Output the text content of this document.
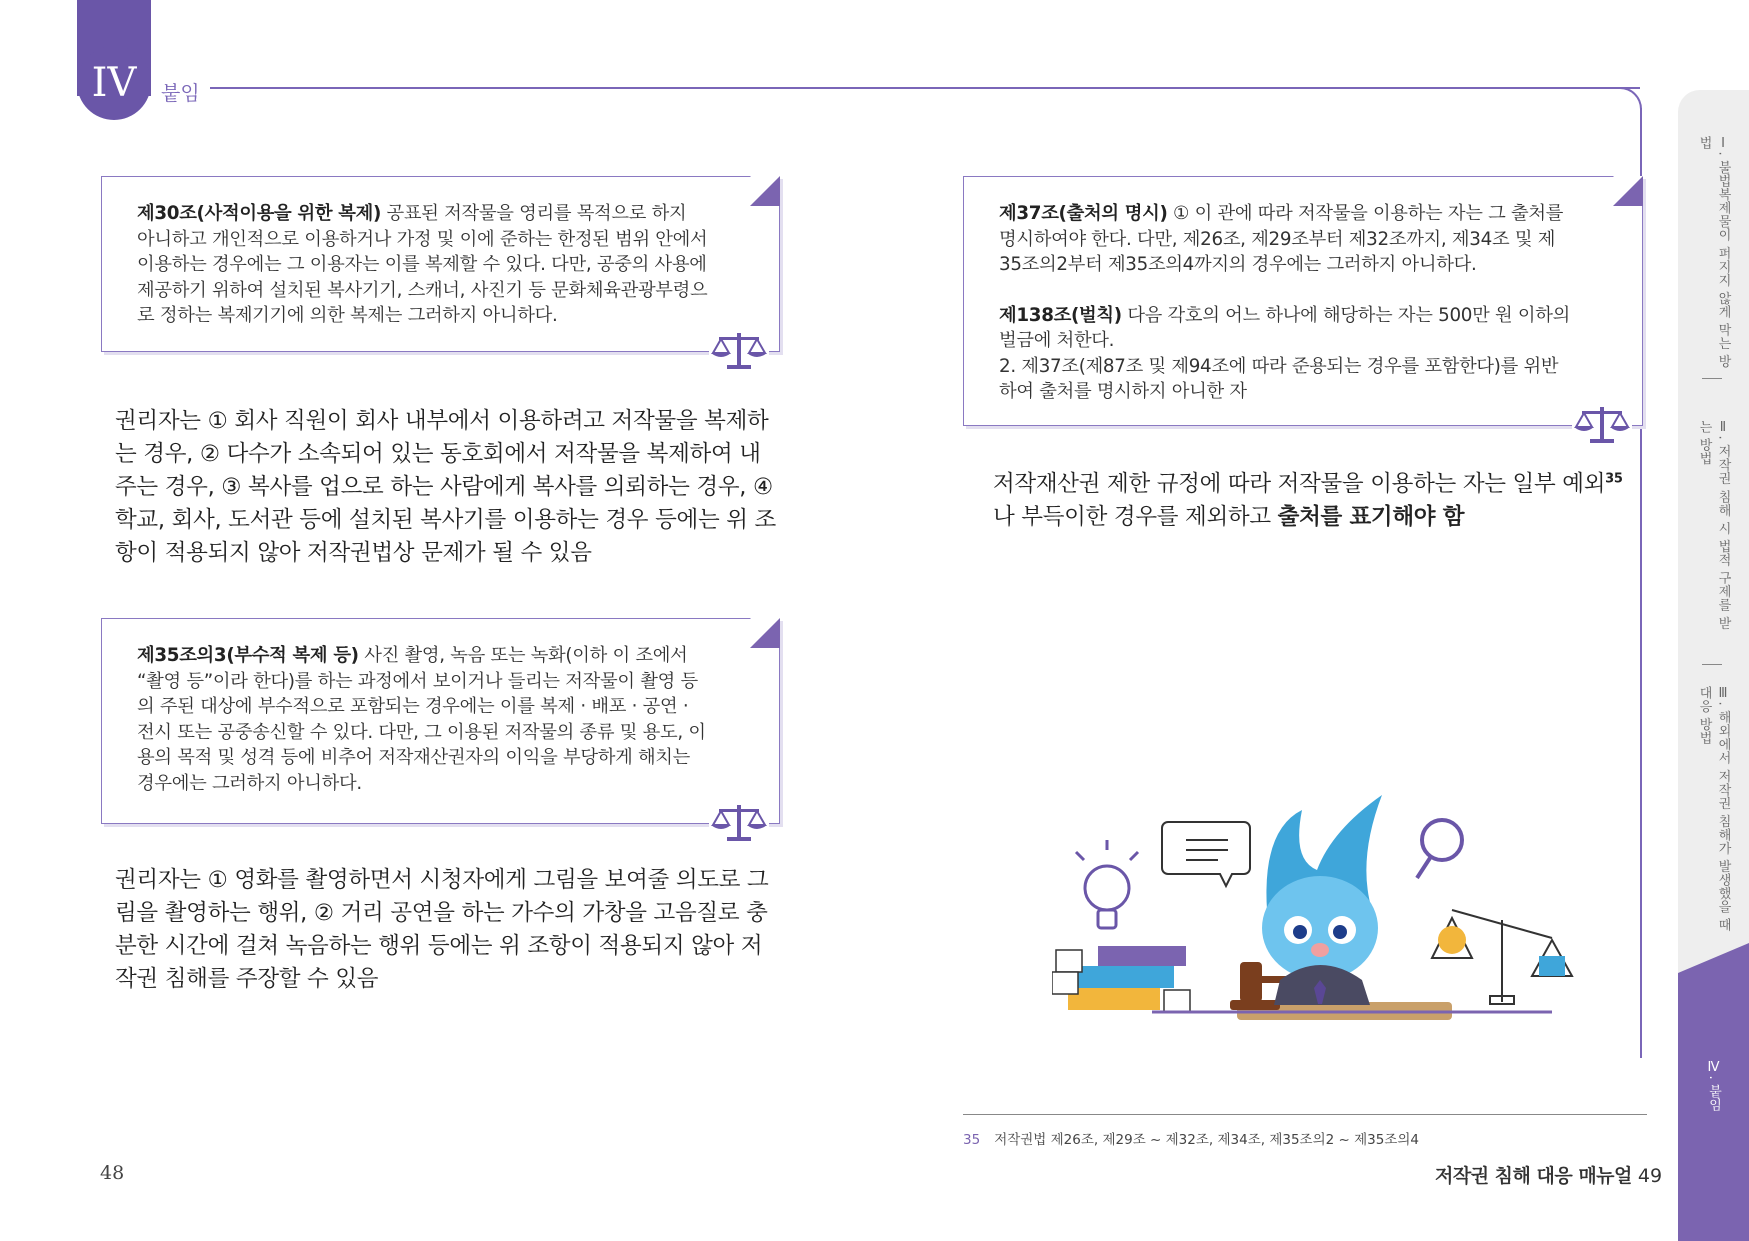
IV	붙임
Ⅰ. 불법복제물이 퍼지지 않게 막는 방법
Ⅱ. 저작권 침해 시 법적 구제를 받는 방법
Ⅲ. 해외에서 저작권 침해가 발생했을 때 대응 방법
Ⅳ. 붙임

제30조(사적이용을 위한 복제) 공표된 저작물을 영리를 목적으로 하지 아니하고 개인적으로 이용하거나 가정 및 이에 준하는 한정된 범위 안에서 이용하는 경우에는 그 이용자는 이를 복제할 수 있다. 다만, 공중의 사용에 제공하기 위하여 설치된 복사기기, 스캐너, 사진기 등 문화체육관광부령으로 정하는 복제기기에 의한 복제는 그러하지 아니하다.

권리자는 ① 회사 직원이 회사 내부에서 이용하려고 저작물을 복제하는 경우, ② 다수가 소속되어 있는 동호회에서 저작물을 복제하여 내주는 경우, ③ 복사를 업으로 하는 사람에게 복사를 의뢰하는 경우, ④ 학교, 회사, 도서관 등에 설치된 복사기를 이용하는 경우 등에는 위 조항이 적용되지 않아 저작권법상 문제가 될 수 있음

제35조의3(부수적 복제 등) 사진 촬영, 녹음 또는 녹화(이하 이 조에서 “촬영 등”이라 한다)를 하는 과정에서 보이거나 들리는 저작물이 촬영 등의 주된 대상에 부수적으로 포함되는 경우에는 이를 복제 · 배포 · 공연 · 전시 또는 공중송신할 수 있다. 다만, 그 이용된 저작물의 종류 및 용도, 이용의 목적 및 성격 등에 비추어 저작재산권자의 이익을 부당하게 해치는 경우에는 그러하지 아니하다.

권리자는 ① 영화를 촬영하면서 시청자에게 그림을 보여줄 의도로 그림을 촬영하는 행위, ② 거리 공연을 하는 가수의 가창을 고음질로 충분한 시간에 걸쳐 녹음하는 행위 등에는 위 조항이 적용되지 않아 저작권 침해를 주장할 수 있음

제37조(출처의 명시) ① 이 관에 따라 저작물을 이용하는 자는 그 출처를 명시하여야 한다. 다만, 제26조, 제29조부터 제32조까지, 제34조 및 제35조의2부터 제35조의4까지의 경우에는 그러하지 아니하다.

제138조(벌칙) 다음 각호의 어느 하나에 해당하는 자는 500만 원 이하의 벌금에 처한다.
2. 제37조(제87조 및 제94조에 따라 준용되는 경우를 포함한다)를 위반하여 출처를 명시하지 아니한 자

저작재산권 제한 규정에 따라 저작물을 이용하는 자는 일부 예외$^{35}$나 부득이한 경우를 제외하고 출처를 표기해야 함
35 저작권법 제26조, 제29조 ~ 제32조, 제34조, 제35조의2 ~ 제35조의4
48	저작권 침해 대응 매뉴얼 49
